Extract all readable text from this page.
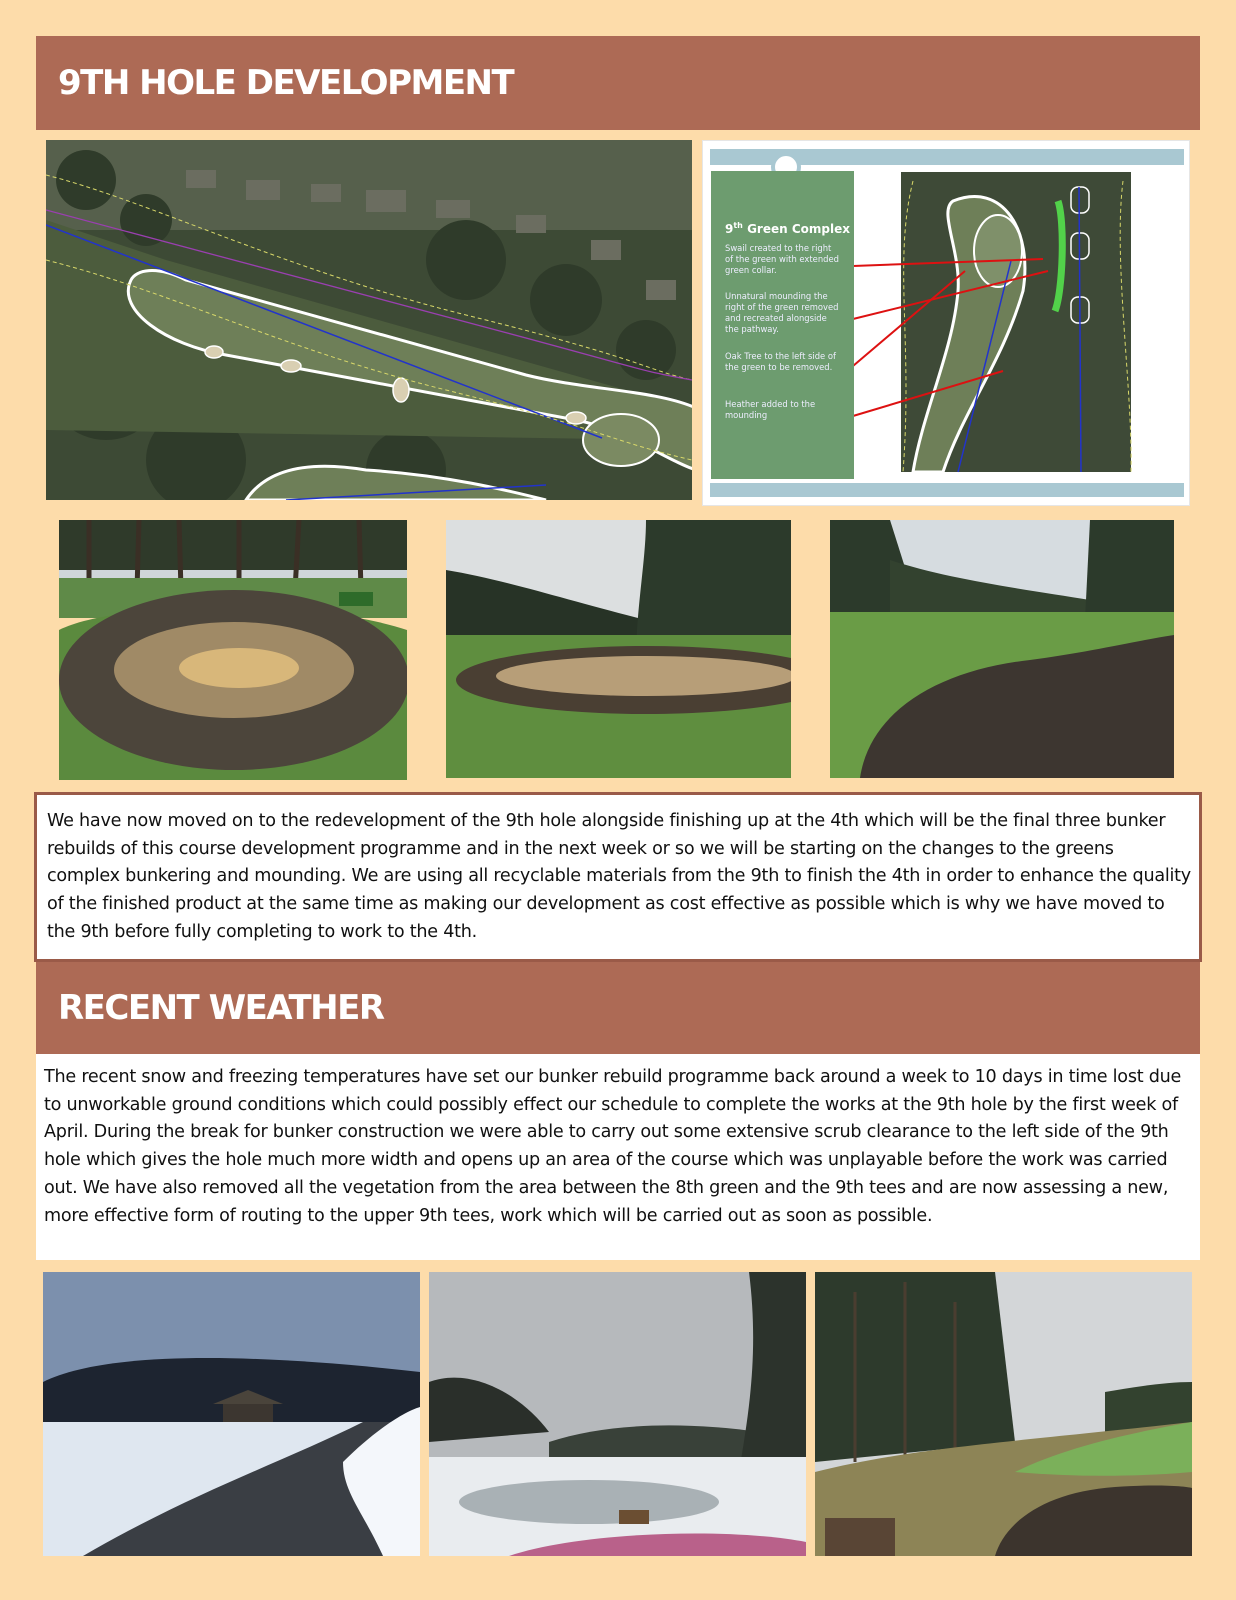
9TH HOLE DEVELOPMENT
9th Green Complex
Swail created to the right of the green with extended green collar.
Unnatural mounding the right of the green removed and recreated alongside the pathway.
Oak Tree to the left side of the green to be removed.
Heather added to the mounding
We have now moved on to the redevelopment of the 9th hole alongside finishing up at the 4th which will be the final three bunker rebuilds of this course development programme and in the next week or so we will be starting on the changes to the greens complex bunkering and mounding. We are using all recyclable materials from the 9th to finish the 4th in order to enhance the quality of the finished product at the same time as making our development as cost effective as possible which is why we have moved to the 9th before fully completing to work to the 4th.
RECENT WEATHER
The recent snow and freezing temperatures have set our bunker rebuild programme back around a week to 10 days in time lost due to unworkable ground conditions which could possibly effect our schedule to complete the works at the 9th hole by the first week of April. During the break for bunker construction we were able to carry out some extensive scrub clearance to the left side of the 9th hole which gives the hole much more width and opens up an area of the course which was unplayable before the work was carried out. We have also removed all the vegetation from the area between the 8th green and the 9th tees and are now assessing a new, more effective form of routing to the upper 9th tees, work which will be carried out as soon as possible.
